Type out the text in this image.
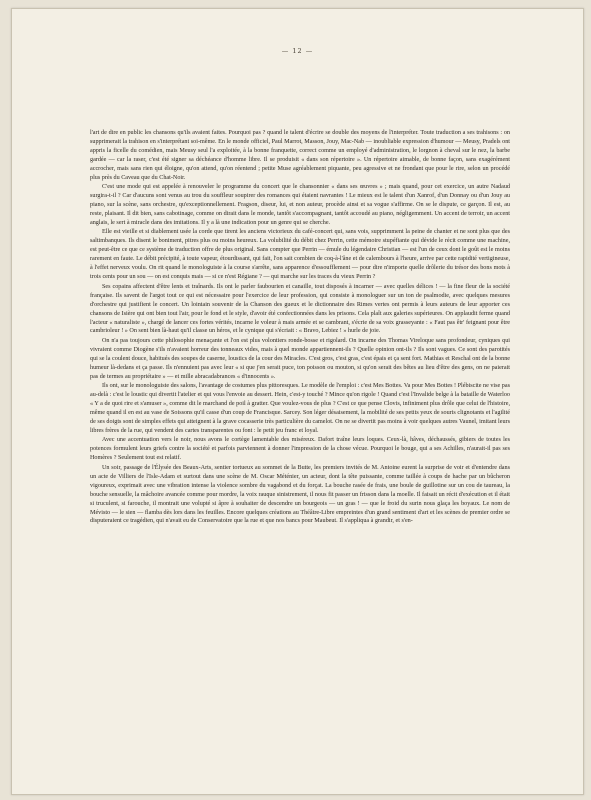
— 12 —

l'art de dire en public les chansons qu'ils avaient faites. Pourquoi pas ? quand le talent d'écrire se double des moyens de l'interpréter. Toute traduction a ses trahisons : on supprimerait la trahison en s'interprétant soi-même. En le monde officiel, Paul Marrot, Masson, Jouy, Mac-Nab — inoubliable expression d'humour — Meusy, Pradels ont appris la ficelle du comédien, mais Meusy seul l'a exploitée, à la bonne franquette, correct comme un employé d'administration, le lorgnon à cheval sur le nez, la barbe gardée — car la raser, c'est été signer sa déchéance d'homme libre. Il se produisit « dans son répertoire ». Un répertoire aimable, de bonne façon, sans exagérément accrocher, mais sans rien qui éloigne, qu'on attend, qu'on réentend ; petite Muse agréablement piquante, peu agressive et ne frondant que pour le rire, selon un procédé plus près du Caveau que du Chat-Noir.

C'est une mode qui est appelée à renouveler le programme du concert que le chansonnier « dans ses œuvres » ; mais quand, pour cet exercice, un autre Nadaud surgira-t-il ? Car d'aucuns sont venus au trou du souffleur soupirer des romances qui étaient navrantes ! Le mieux est le talent d'un Xanrof, d'un Donnay ou d'un Jouy au piano, sur la scène, sans orchestre, qu'exceptionnellement. Fragson, diseur, lui, et non auteur, procède ainsi et sa vogue s'affirme. On se le dispute, ce garçon. Il est, au reste, plaisant. Il dit bien, sans cabotinage, comme on dirait dans le monde, tantôt s'accompagnant, tantôt accoudé au piano, négligemment. Un accent de terroir, un accent anglais, le sert à miracle dans des imitations. Il y a là une indication pour un genre qui se cherche.

Elle est vieille et si diablement usée la corde que tirent les anciens victorieux du café-concert qui, sans vois, supprimment la peine de chanter et ne sont plus que des saltimbanques. Ils disent le boniment, pitres plus ou moins heureux. La volubilité du débit chez Perrin, cette mémoire stupéfiante qui dévide le récit comme une machine, est peut-être ce que ce système de traduction offre de plus original. Sans compter que Perrin — émule du légendaire Christian — est l'un de ceux dont le goût est le moins rarement en faute. Le débit précipité, à toute vapeur, étourdissant, qui fait, l'on sait combien de coq-à-l'âne et de calembours à l'heure, arrive par cette rapidité vertigineuse, à l'effet nerveux voulu. On rit quand le monologuiste à la course s'arrête, sans apparence d'essoufflement — pour dire n'importe quelle drôlerie du trésor des bons mots à trois cents pour un sou — on est conquis mais — si ce n'est Régiane ? — qui marche sur les traces du vieux Perrin ?

Ses copains affectent d'être lents et traînards. Ils ont le parler faubourien et canaille, tout disposés à incarner — avec quelles délices ! — la fine fleur de la société française. Ils savent de l'argot tout ce qui est nécessaire pour l'exercice de leur profession, qui consiste à monologuer sur un ton de psalmodie, avec quelques mesures d'orchestre qui justifient le concert. Un lointain souvenir de la Chanson des gueux et le dictionnaire des Rimes vertes ont permis à leurs auteurs de leur apporter ces chansons de Isière qui ont bien tout l'air, pour le fond et le style, d'avoir été confectionnées dans les prisons. Cela plaît aux galeries supérieures. On applaudit ferme quand l'acteur « naturaliste », chargé de lancer ces fortes vérités, incarne le voleur à mais armée et se cambrant, s'écrie de sa voix grasseyante : « Faut pas êtr' feignant pour être cambrioleur ! » On sent bien là-haut qu'il classe un héros, et le cynique qui s'écriait : « Bravo, Lebiez ! » hurle de joie.

On n'a pas toujours cette philosophie menaçante et l'on est plus volontiers ronde-bosse et rigolard. On incarne des Thomas Vireloque sans profondeur, cyniques qui vivraient comme Diogène s'ils n'avaient horreur des tonneaux vides, mais à quel monde appartiennent-ils ? Quelle opinion ont-ils ? Ils sont vagues. Ce sont des parotités qui se la coulent douce, habitués des soupes de caserne, loustics de la cour des Miracles. C'est gros, c'est gras, c'est épais et ça sent fort. Mathias et Reschal ont de la bonne humeur là-dedans et ça passe. Ils n'ennuient pas avec leur « si que j'en serait puce, ton poisson ou mouton, si qu'on serait des bêtes au lieu d'être des gens, on ne paierait pas de termes au propriétaire » — et mille abracadabrances « d'innocents ».

Ils ont, sur le monologuiste des salons, l'avantage de costumes plus pittoresques. Le modèle de l'emploi : c'est Mes Bottes. Va pour Mes Bottes ! Plébiscite ne vise pas au-delà : c'est le loustic qui divertit l'atelier et qui vous l'envoie au dessert. Hein, c'est-y touché ? Mince qu'on rigole ! Quand c'est l'Invalide belge à la bataille de Waterloo « Y a de quoi rire et s'amuser », comme dit le marchand de poil à gratter. Que voulez-vous de plus ? C'est ce que pense Clovis, infiniment plus drôle que celui de l'histoire, même quand il en est au vase de Soissons qu'il casse d'un coup de Francisque. Sarcey. Son léger désaisement, la mobilité de ses petits yeux de souris clignotants et l'agilité de ses doigts sont de simples effets qui atteignent à la grave cocasserie très particulière du camelot. On ne se divertit pas moins à voir quelques autres Vaunel, imitant leurs libres frères de la rue, qui vendent des cartes transparentes ou font : le petit jeu franc et loyal.

Avec une accentuation vers le noir, nous avons le cortège lamentable des miséreux. Dafort traîne leurs loques. Ceux-là, hâves, déchaussés, gibiers de toutes les potences formulent leurs griefs contre la société et parfois parviennent à donner l'impression de la chose vécue. Pourquoi le bouge, qui a ses Achilles, n'aurait-il pas ses Homères ? Seulement tout est relatif.

Un soir, passage de l'Élysée des Beaux-Arts, sentier tortueux au sommet de la Butte, les premiers invités de M. Antoine eurent la surprise de voir et d'entendre dans un acte de Villiers de l'Isle-Adam et surtout dans une scène de M. Oscar Méténier, un acteur, dont la tête puissante, comme taillée à coups de hache par un bûcheron vigoureux, exprimait avec une vibration intense la violence sombre du vagabond et du forçat. La bouche rasée de frais, une boule de guillotine sur un cou de taureau, la bouche sensuelle, la mâchoire avancée comme pour mordre, la voix rauque sinistrement, il nous fit passer un frisson dans la moelle. Il faisait un récit d'exécution et il était si truculent, si farouche, il montrait une volupté si âpre à souhaiter de descendre un bourgeois — un gras ! — que le froid du surin nous glaça les boyaux. Le nom de Mévisto — le sien — flamba dès lors dans les feuilles. Encore quelques créations au Théâtre-Libre empreintes d'un grand sentiment d'art et les scènes de premier ordre se disputeraient ce tragédien, qui n'avait eu de Conservatoire que la rue et que nos bancs pour Maubeut. Il s'appliqua à grandir, et s'en-
